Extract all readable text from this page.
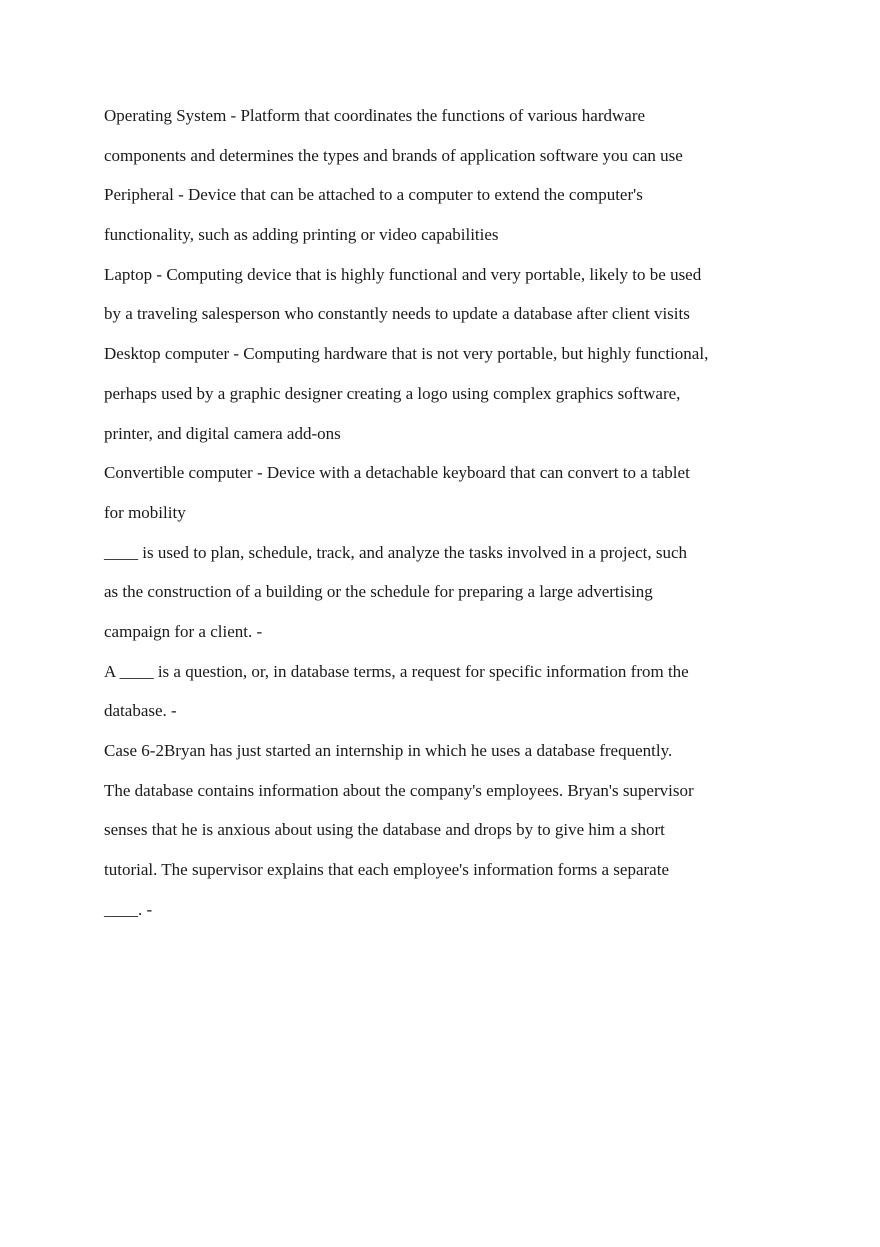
Operating System - Platform that coordinates the functions of various hardware
components and determines the types and brands of application software you can use
Peripheral - Device that can be attached to a computer to extend the computer's
functionality, such as adding printing or video capabilities
Laptop - Computing device that is highly functional and very portable, likely to be used
by a traveling salesperson who constantly needs to update a database after client visits
Desktop computer - Computing hardware that is not very portable, but highly functional,
perhaps used by a graphic designer creating a logo using complex graphics software,
printer, and digital camera add-ons
Convertible computer - Device with a detachable keyboard that can convert to a tablet
for mobility
____ is used to plan, schedule, track, and analyze the tasks involved in a project, such
as the construction of a building or the schedule for preparing a large advertising
campaign for a client. -
A ____ is a question, or, in database terms, a request for specific information from the
database. -
Case 6-2Bryan has just started an internship in which he uses a database frequently.
The database contains information about the company's employees. Bryan's supervisor
senses that he is anxious about using the database and drops by to give him a short
tutorial. The supervisor explains that each employee's information forms a separate
____. -
